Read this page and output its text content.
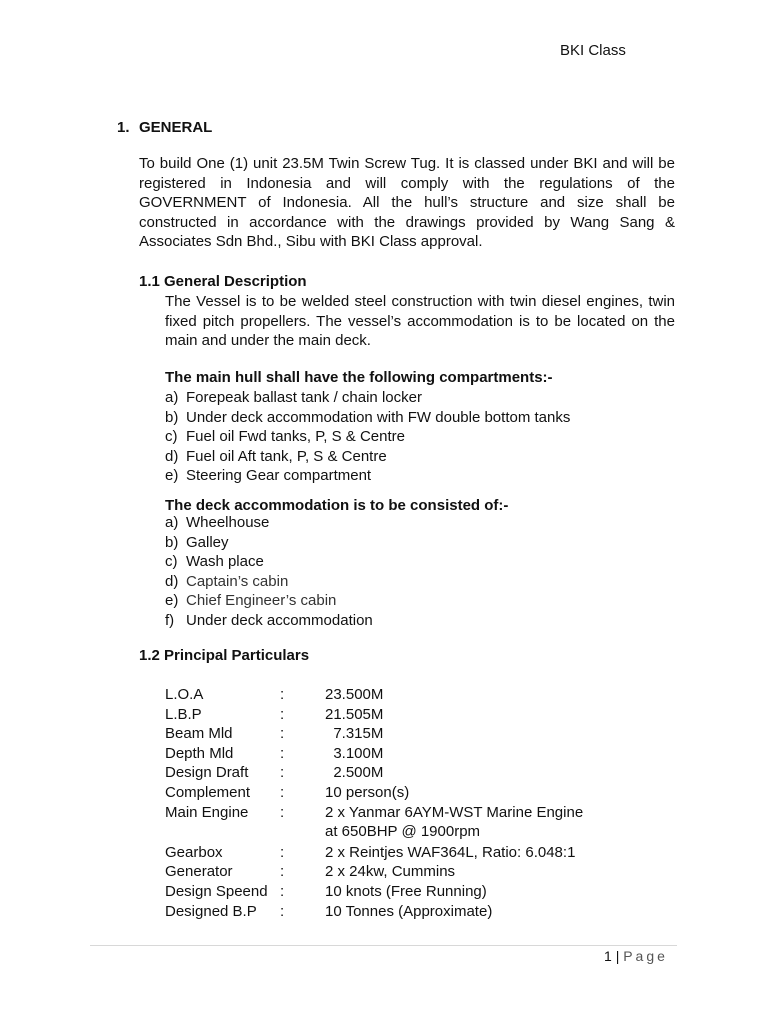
BKI Class
1. GENERAL
To build One (1) unit 23.5M Twin Screw Tug. It is classed under BKI and will be registered in Indonesia and will comply with the regulations of the GOVERNMENT of Indonesia. All the hull’s structure and size shall be constructed in accordance with the drawings provided by Wang Sang & Associates Sdn Bhd., Sibu with BKI Class approval.
1.1 General Description
The Vessel is to be welded steel construction with twin diesel engines, twin fixed pitch propellers. The vessel’s accommodation is to be located on the main and under the main deck.
The main hull shall have the following compartments:-
a) Forepeak ballast tank / chain locker
b) Under deck accommodation with FW double bottom tanks
c) Fuel oil Fwd tanks, P, S & Centre
d) Fuel oil Aft tank, P, S & Centre
e) Steering Gear compartment
The deck accommodation is to be consisted of:-
a) Wheelhouse
b) Galley
c) Wash place
d) Captain’s cabin
e) Chief Engineer’s cabin
f) Under deck accommodation
1.2 Principal Particulars
L.O.A	:	23.500M
L.B.P	:	21.505M
Beam Mld	:	7.315M
Depth Mld	:	3.100M
Design Draft	:	2.500M
Complement	:	10 person(s)
Main Engine	:	2 x Yanmar 6AYM-WST Marine Engine
at 650BHP @ 1900rpm
Gearbox	:	2 x Reintjes WAF364L, Ratio: 6.048:1
Generator	:	2 x 24kw, Cummins
Design Speend :	10 knots (Free Running)
Designed B.P	:	10 Tonnes (Approximate)
1 | Page
